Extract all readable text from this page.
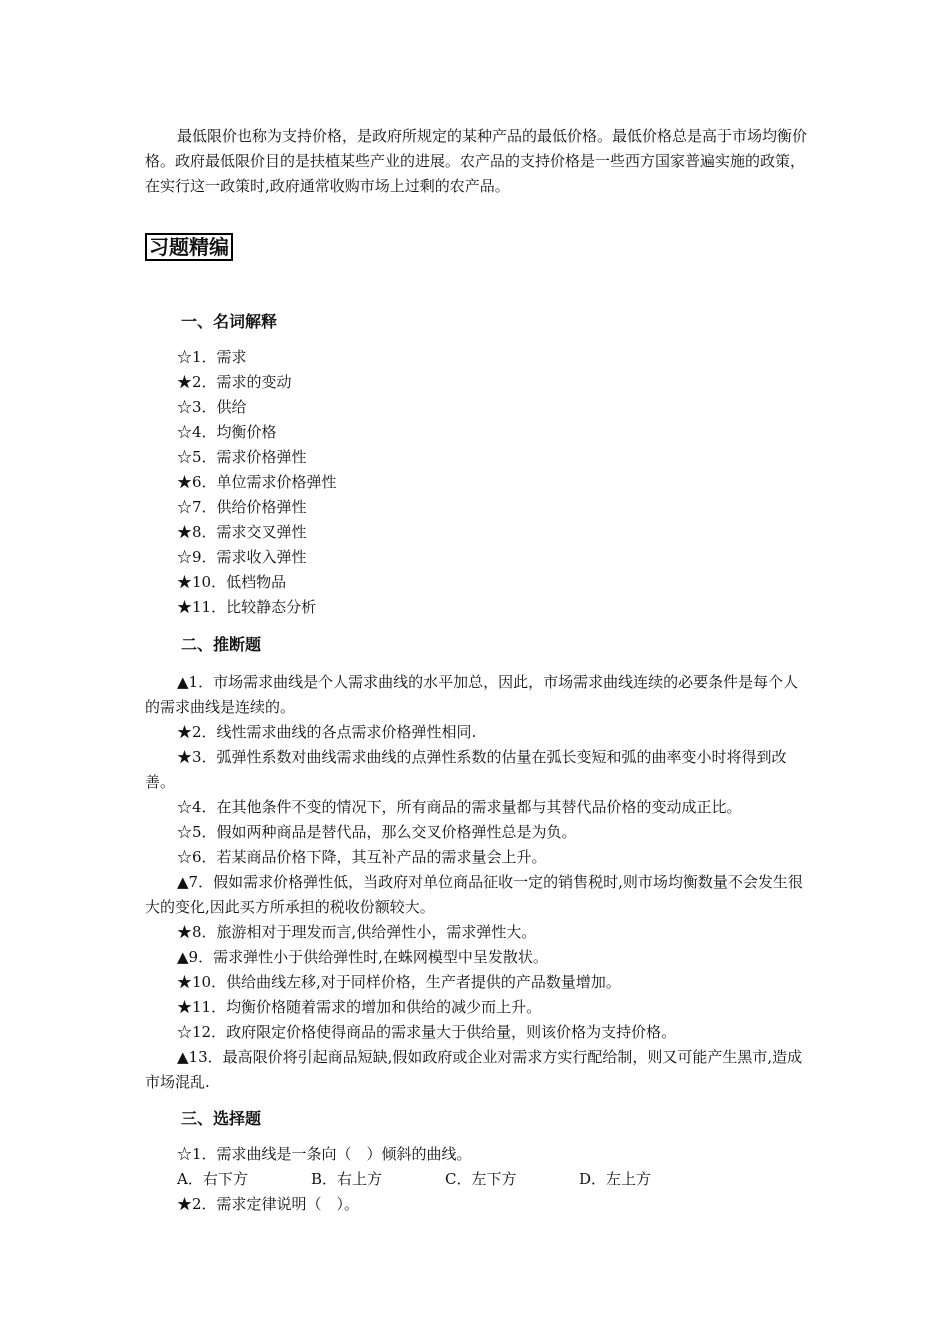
最低限价也称为支持价格，是政府所规定的某种产品的最低价格。最低价格总是高于市场均衡价格。政府最低限价目的是扶植某些产业的进展。农产品的支持价格是一些西方国家普遍实施的政策，在实行这一政策时,政府通常收购市场上过剩的农产品。

习题精编
一、名词解释
☆1．需求
★2．需求的变动
☆3．供给
☆4．均衡价格
☆5．需求价格弹性
★6．单位需求价格弹性
☆7．供给价格弹性
★8．需求交叉弹性
☆9．需求收入弹性
★10．低档物品
★11．比较静态分析
二、推断题

▲1．市场需求曲线是个人需求曲线的水平加总，因此，市场需求曲线连续的必要条件是每个人的需求曲线是连续的。

★2．线性需求曲线的各点需求价格弹性相同.

★3．弧弹性系数对曲线需求曲线的点弹性系数的估量在弧长变短和弧的曲率变小时将得到改善。

☆4．在其他条件不变的情况下，所有商品的需求量都与其替代品价格的变动成正比。

☆5．假如两种商品是替代品，那么交叉价格弹性总是为负。

☆6．若某商品价格下降，其互补产品的需求量会上升。

▲7．假如需求价格弹性低，当政府对单位商品征收一定的销售税时,则市场均衡数量不会发生很大的变化,因此买方所承担的税收份额较大。

★8．旅游相对于理发而言,供给弹性小，需求弹性大。

▲9．需求弹性小于供给弹性时,在蛛网模型中呈发散状。

★10．供给曲线左移,对于同样价格，生产者提供的产品数量增加。

★11．均衡价格随着需求的增加和供给的减少而上升。

☆12．政府限定价格使得商品的需求量大于供给量，则该价格为支持价格。

▲13．最高限价将引起商品短缺,假如政府或企业对需求方实行配给制，则又可能产生黑市,造成市场混乱.

三、选择题
☆1．需求曲线是一条向（　）倾斜的曲线。
A．右下方	B．右上方	C．左下方	D．左上方
★2．需求定律说明（　）。
